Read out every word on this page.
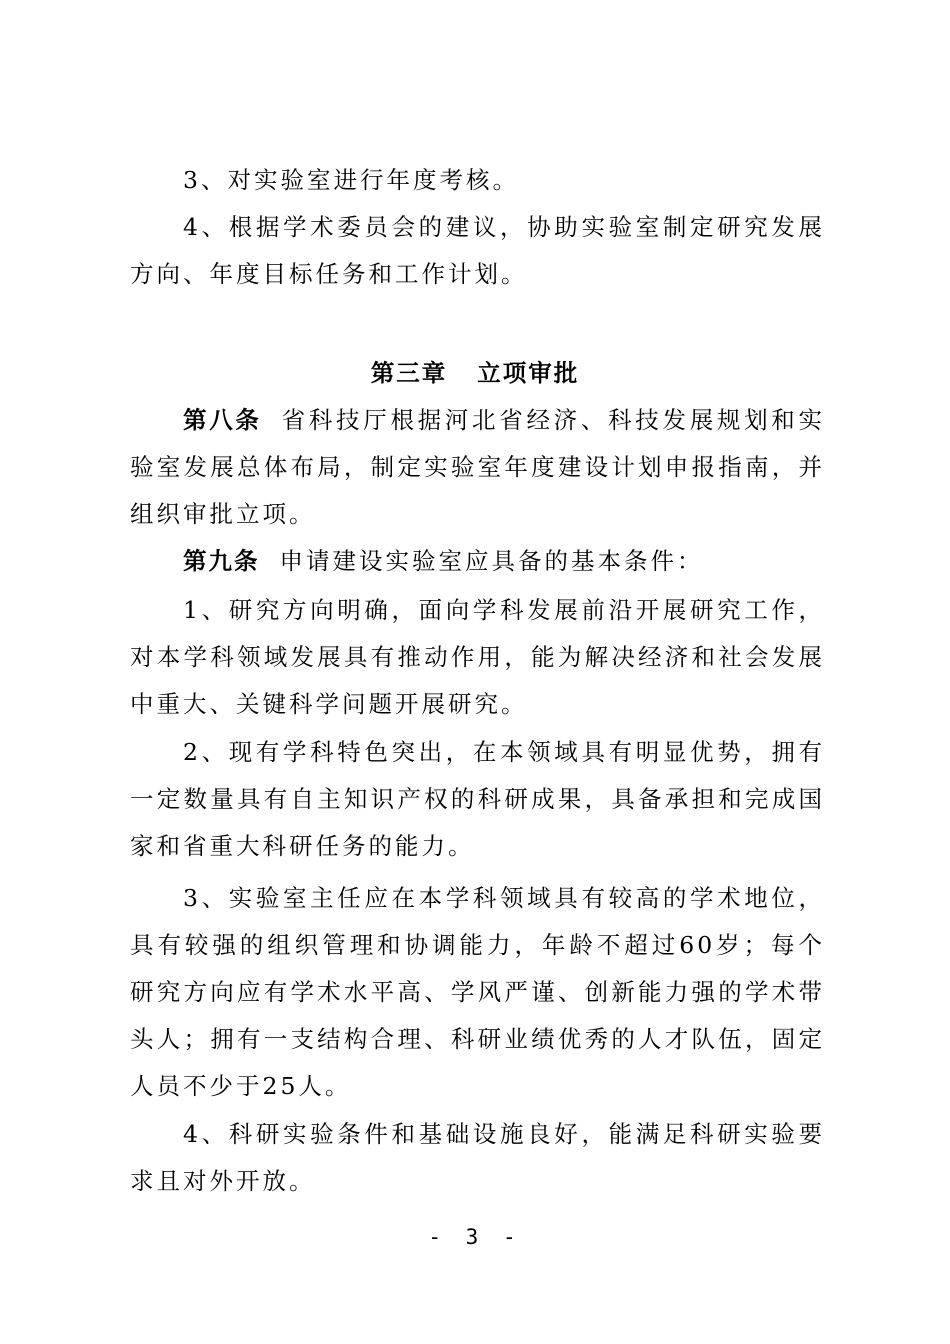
3、对实验室进行年度考核。

4、根据学术委员会的建议，协助实验室制定研究发展方向、年度目标任务和工作计划。

第三章 立项审批

第八条 省科技厅根据河北省经济、科技发展规划和实验室发展总体布局，制定实验室年度建设计划申报指南，并组织审批立项。

第九条 申请建设实验室应具备的基本条件：

1、研究方向明确，面向学科发展前沿开展研究工作，对本学科领域发展具有推动作用，能为解决经济和社会发展中重大、关键科学问题开展研究。

2、现有学科特色突出，在本领域具有明显优势，拥有一定数量具有自主知识产权的科研成果，具备承担和完成国家和省重大科研任务的能力。

3、实验室主任应在本学科领域具有较高的学术地位，具有较强的组织管理和协调能力，年龄不超过60岁；每个研究方向应有学术水平高、学风严谨、创新能力强的学术带头人；拥有一支结构合理、科研业绩优秀的人才队伍，固定人员不少于25人。

4、科研实验条件和基础设施良好，能满足科研实验要求且对外开放。

- 3 -
